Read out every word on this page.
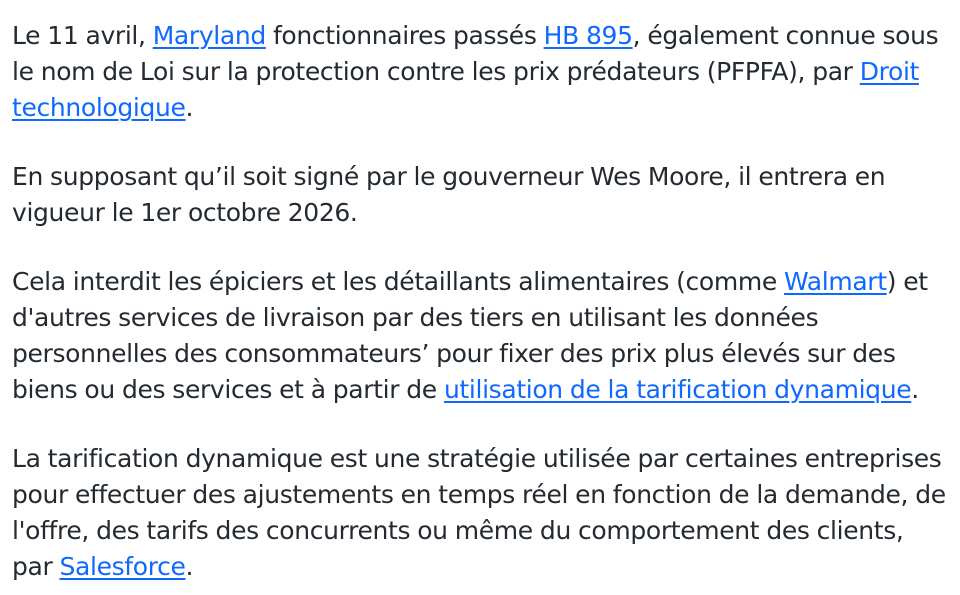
Le 11 avril, Maryland fonctionnaires passés HB 895, également connue sous le nom de Loi sur la protection contre les prix prédateurs (PFPFA), par Droit technologique.

En supposant qu’il soit signé par le gouverneur Wes Moore, il entrera en vigueur le 1er octobre 2026.

Cela interdit les épiciers et les détaillants alimentaires (comme Walmart) et d'autres services de livraison par des tiers en utilisant les données personnelles des consommateurs’ pour fixer des prix plus élevés sur des biens ou des services et à partir de utilisation de la tarification dynamique.

La tarification dynamique est une stratégie utilisée par certaines entreprises pour effectuer des ajustements en temps réel en fonction de la demande, de l'offre, des tarifs des concurrents ou même du comportement des clients, par Salesforce.
